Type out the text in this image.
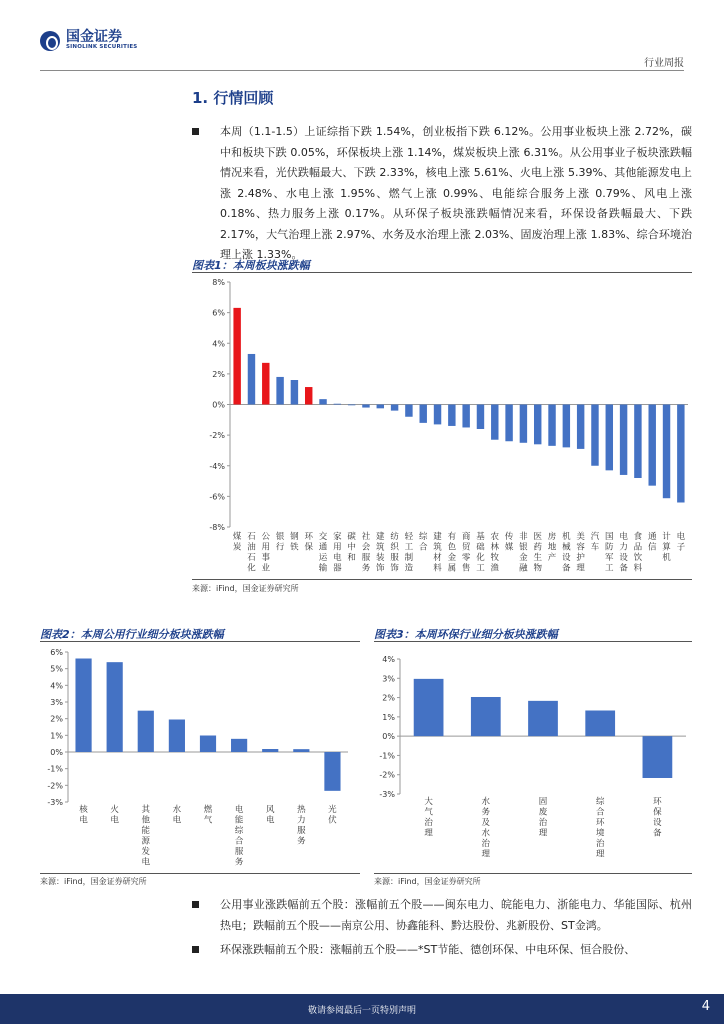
国金证券
SINOLINK SECURITIES
行业周报
1. 行情回顾
本周（1.1-1.5）上证综指下跌 1.54%，创业板指下跌 6.12%。公用事业板块上涨 2.72%，碳中和板块下跌 0.05%，环保板块上涨 1.14%，煤炭板块上涨 6.31%。从公用事业子板块涨跌幅情况来看，光伏跌幅最大、下跌 2.33%，核电上涨 5.61%、火电上涨 5.39%、其他能源发电上涨 2.48%、水电上涨 1.95%、燃气上涨 0.99%、电能综合服务上涨 0.79%、风电上涨 0.18%、热力服务上涨 0.17%。从环保子板块涨跌幅情况来看，环保设备跌幅最大、下跌 2.17%，大气治理上涨 2.97%、水务及水治理上涨 2.03%、固废治理上涨 1.83%、综合环境治理上涨 1.33%。
图表1：本周板块涨跌幅
-8%
-6%
-4%
-2%
0%
2%
4%
6%
8%
煤炭
石油石化
公用事业
银行
钢铁
环保
交通运输
家用电器
碳中和
社会服务
建筑装饰
纺织服饰
轻工制造
综合
建筑材料
有色金属
商贸零售
基础化工
农林牧渔
传媒
非银金融
医药生物
房地产
机械设备
美容护理
汽车
国防军工
电力设备
食品饮料
通信
计算机
电子
来源：iFind，国金证券研究所
图表2：本周公用行业细分板块涨跌幅
-3%
-2%
-1%
0%
1%
2%
3%
4%
5%
6%
核电
火电
其他能源发电
水电
燃气
电能综合服务
风电
热力服务
光伏
来源：iFind，国金证券研究所
图表3：本周环保行业细分板块涨跌幅
-3%
-2%
-1%
0%
1%
2%
3%
4%
大气治理
水务及水治理
固废治理
综合环境治理
环保设备
来源：iFind，国金证券研究所
公用事业涨跌幅前五个股：涨幅前五个股——闽东电力、皖能电力、浙能电力、华能国际、杭州热电；跌幅前五个股——南京公用、协鑫能科、黔达股份、兆新股份、ST金鸿。
环保涨跌幅前五个股：涨幅前五个股——*ST节能、德创环保、中电环保、恒合股份、
敬请参阅最后一页特别声明	4
